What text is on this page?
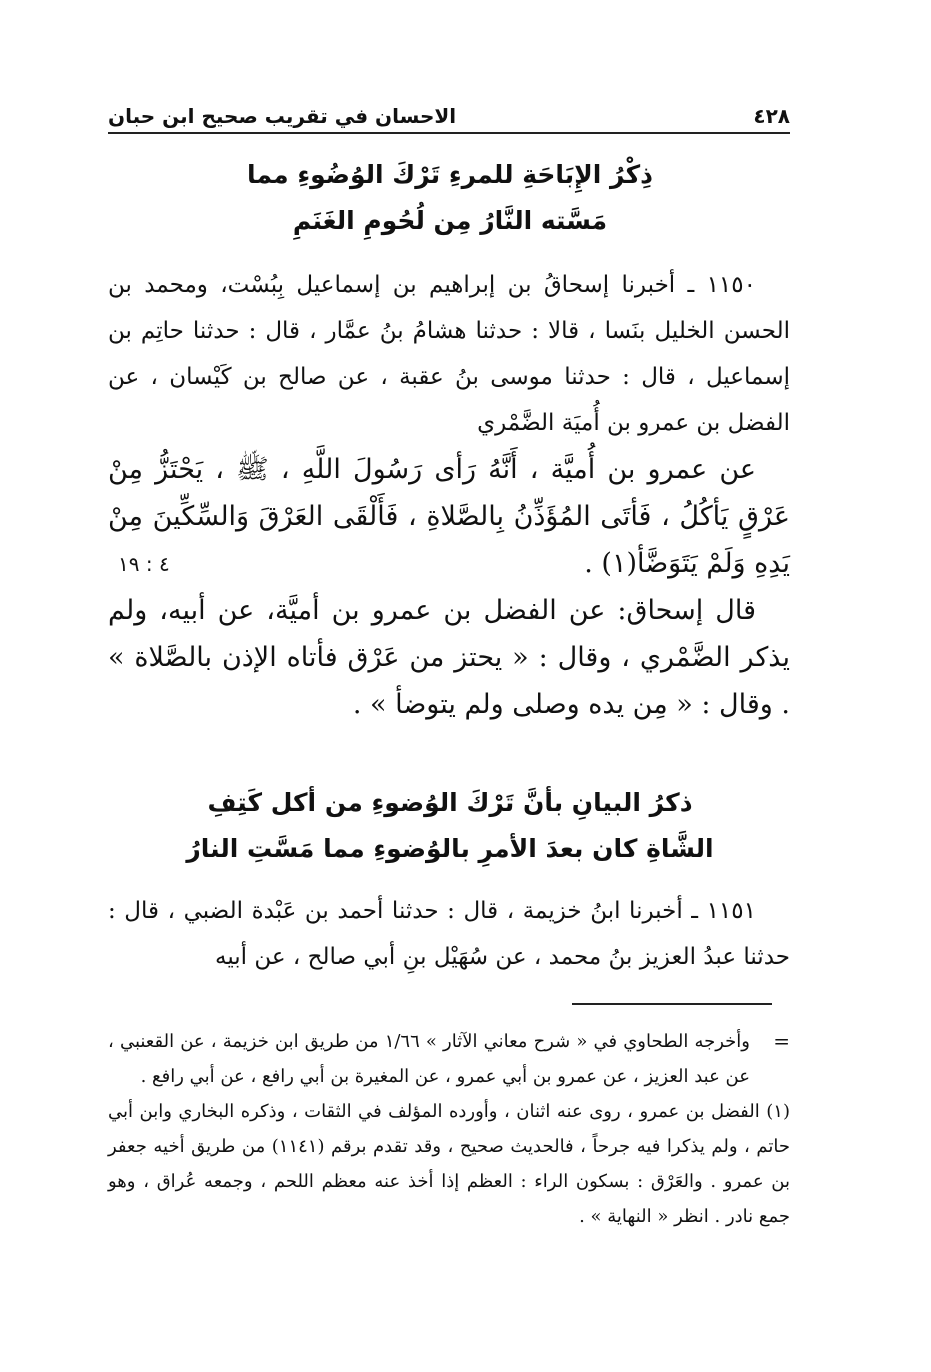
٤٢٨
الاحسان في تقريب صحيح ابن حبان
ذِكْرُ الإِبَاحَةِ للمرءِ تَرْكَ الوُضُوءِ مما
مَسَّته النَّارُ مِن لُحُومِ الغَنَمِ

١١٥٠ ـ أخبرنا إسحاقُ بن إبراهيم بن إسماعيل بِبُسْت، ومحمد بن الحسن الخليل بنَسا ، قالا : حدثنا هشامُ بنُ عمَّار ، قال : حدثنا حاتِم بن إسماعيل ، قال : حدثنا موسى بنُ عقبة ، عن صالح بن كَيْسان ، عن الفضل بن عمرو بن أُميَة الضَّمْري

عن عمرو بن أُميَّة ، أَنَّهُ رَأى رَسُولَ اللَّهِ ، ﷺ ، يَحْتَزُّ مِنْ عَرْقٍ يَأكُلُ ، فَأتَى المُؤَذِّنُ بِالصَّلاةِ ، فَأَلْقَى العَرْقَ وَالسِّكِّينَ مِنْ يَدِهِ وَلَمْ يَتَوَضَّأ(١) .

قال إسحاق: عن الفضل بن عمرو بن أميَّة، عن أبيه، ولم يذكر الضَّمْري ، وقال : « يحتز من عَرْق فأتاه الإذن بالصَّلاة » . وقال : « مِن يده وصلى ولم يتوضأ » .

٤ : ١٩
ذكرُ البيانِ بأنَّ تَرْكَ الوُضوءِ من أكل كَتِفِ
الشَّاةِ كان بعدَ الأمرِ بالوُضوءِ مما مَسَّتِ النارُ

١١٥١ ـ أخبرنا ابنُ خزيمة ، قال : حدثنا أحمد بن عَبْدة الضبي ، قال : حدثنا عبدُ العزيز بنُ محمد ، عن سُهَيْل بنِ أبي صالح ، عن أبيه

=
وأخرجه الطحاوي في « شرح معاني الآثار » ١/٦٦ من طريق ابن خزيمة ، عن القعنبي ، عن عبد العزيز ، عن عمرو بن أبي عمرو ، عن المغيرة بن أبي رافع ، عن أبي رافع .

(١) الفضل بن عمرو ، روى عنه اثنان ، وأورده المؤلف في الثقات ، وذكره البخاري وابن أبي حاتم ، ولم يذكرا فيه جرحاً ، فالحديث صحيح ، وقد تقدم برقم (١١٤١) من طريق أخيه جعفر بن عمرو . والعَرْق : بسكون الراء : العظم إذا أخذ عنه معظم اللحم ، وجمعه عُراق ، وهو جمع نادر . انظر « النهاية » .
